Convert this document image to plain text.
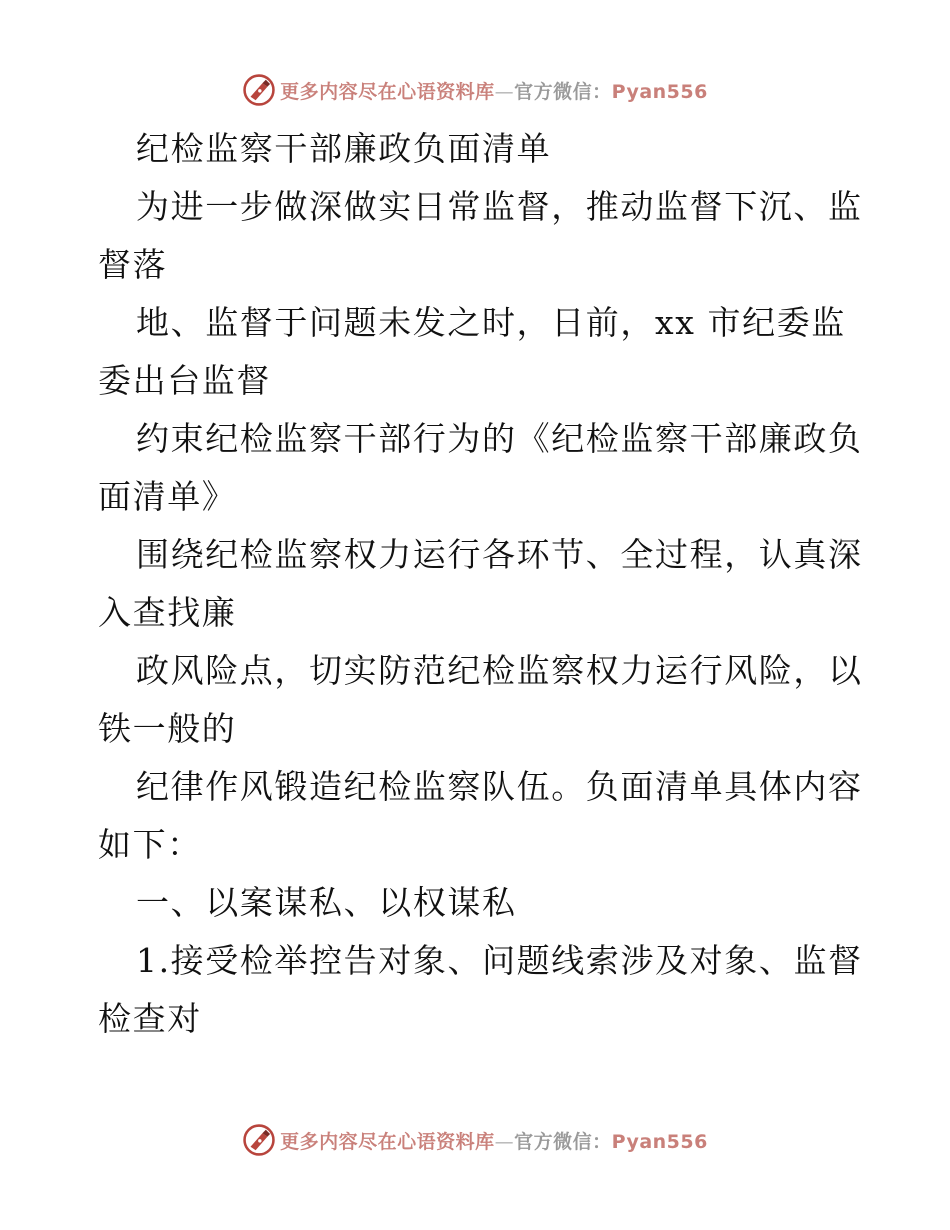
更多内容尽在心语资料库—官方微信：Pyan556
纪检监察干部廉政负面清单
为进一步做深做实日常监督，推动监督下沉、监
督落
地、监督于问题未发之时，日前，xx 市纪委监
委出台监督
约束纪检监察干部行为的《纪检监察干部廉政负
面清单》
围绕纪检监察权力运行各环节、全过程，认真深
入查找廉
政风险点，切实防范纪检监察权力运行风险，以
铁一般的
纪律作风锻造纪检监察队伍。负面清单具体内容
如下：
一、以案谋私、以权谋私
1.接受检举控告对象、问题线索涉及对象、监督
检查对
更多内容尽在心语资料库—官方微信：Pyan556
